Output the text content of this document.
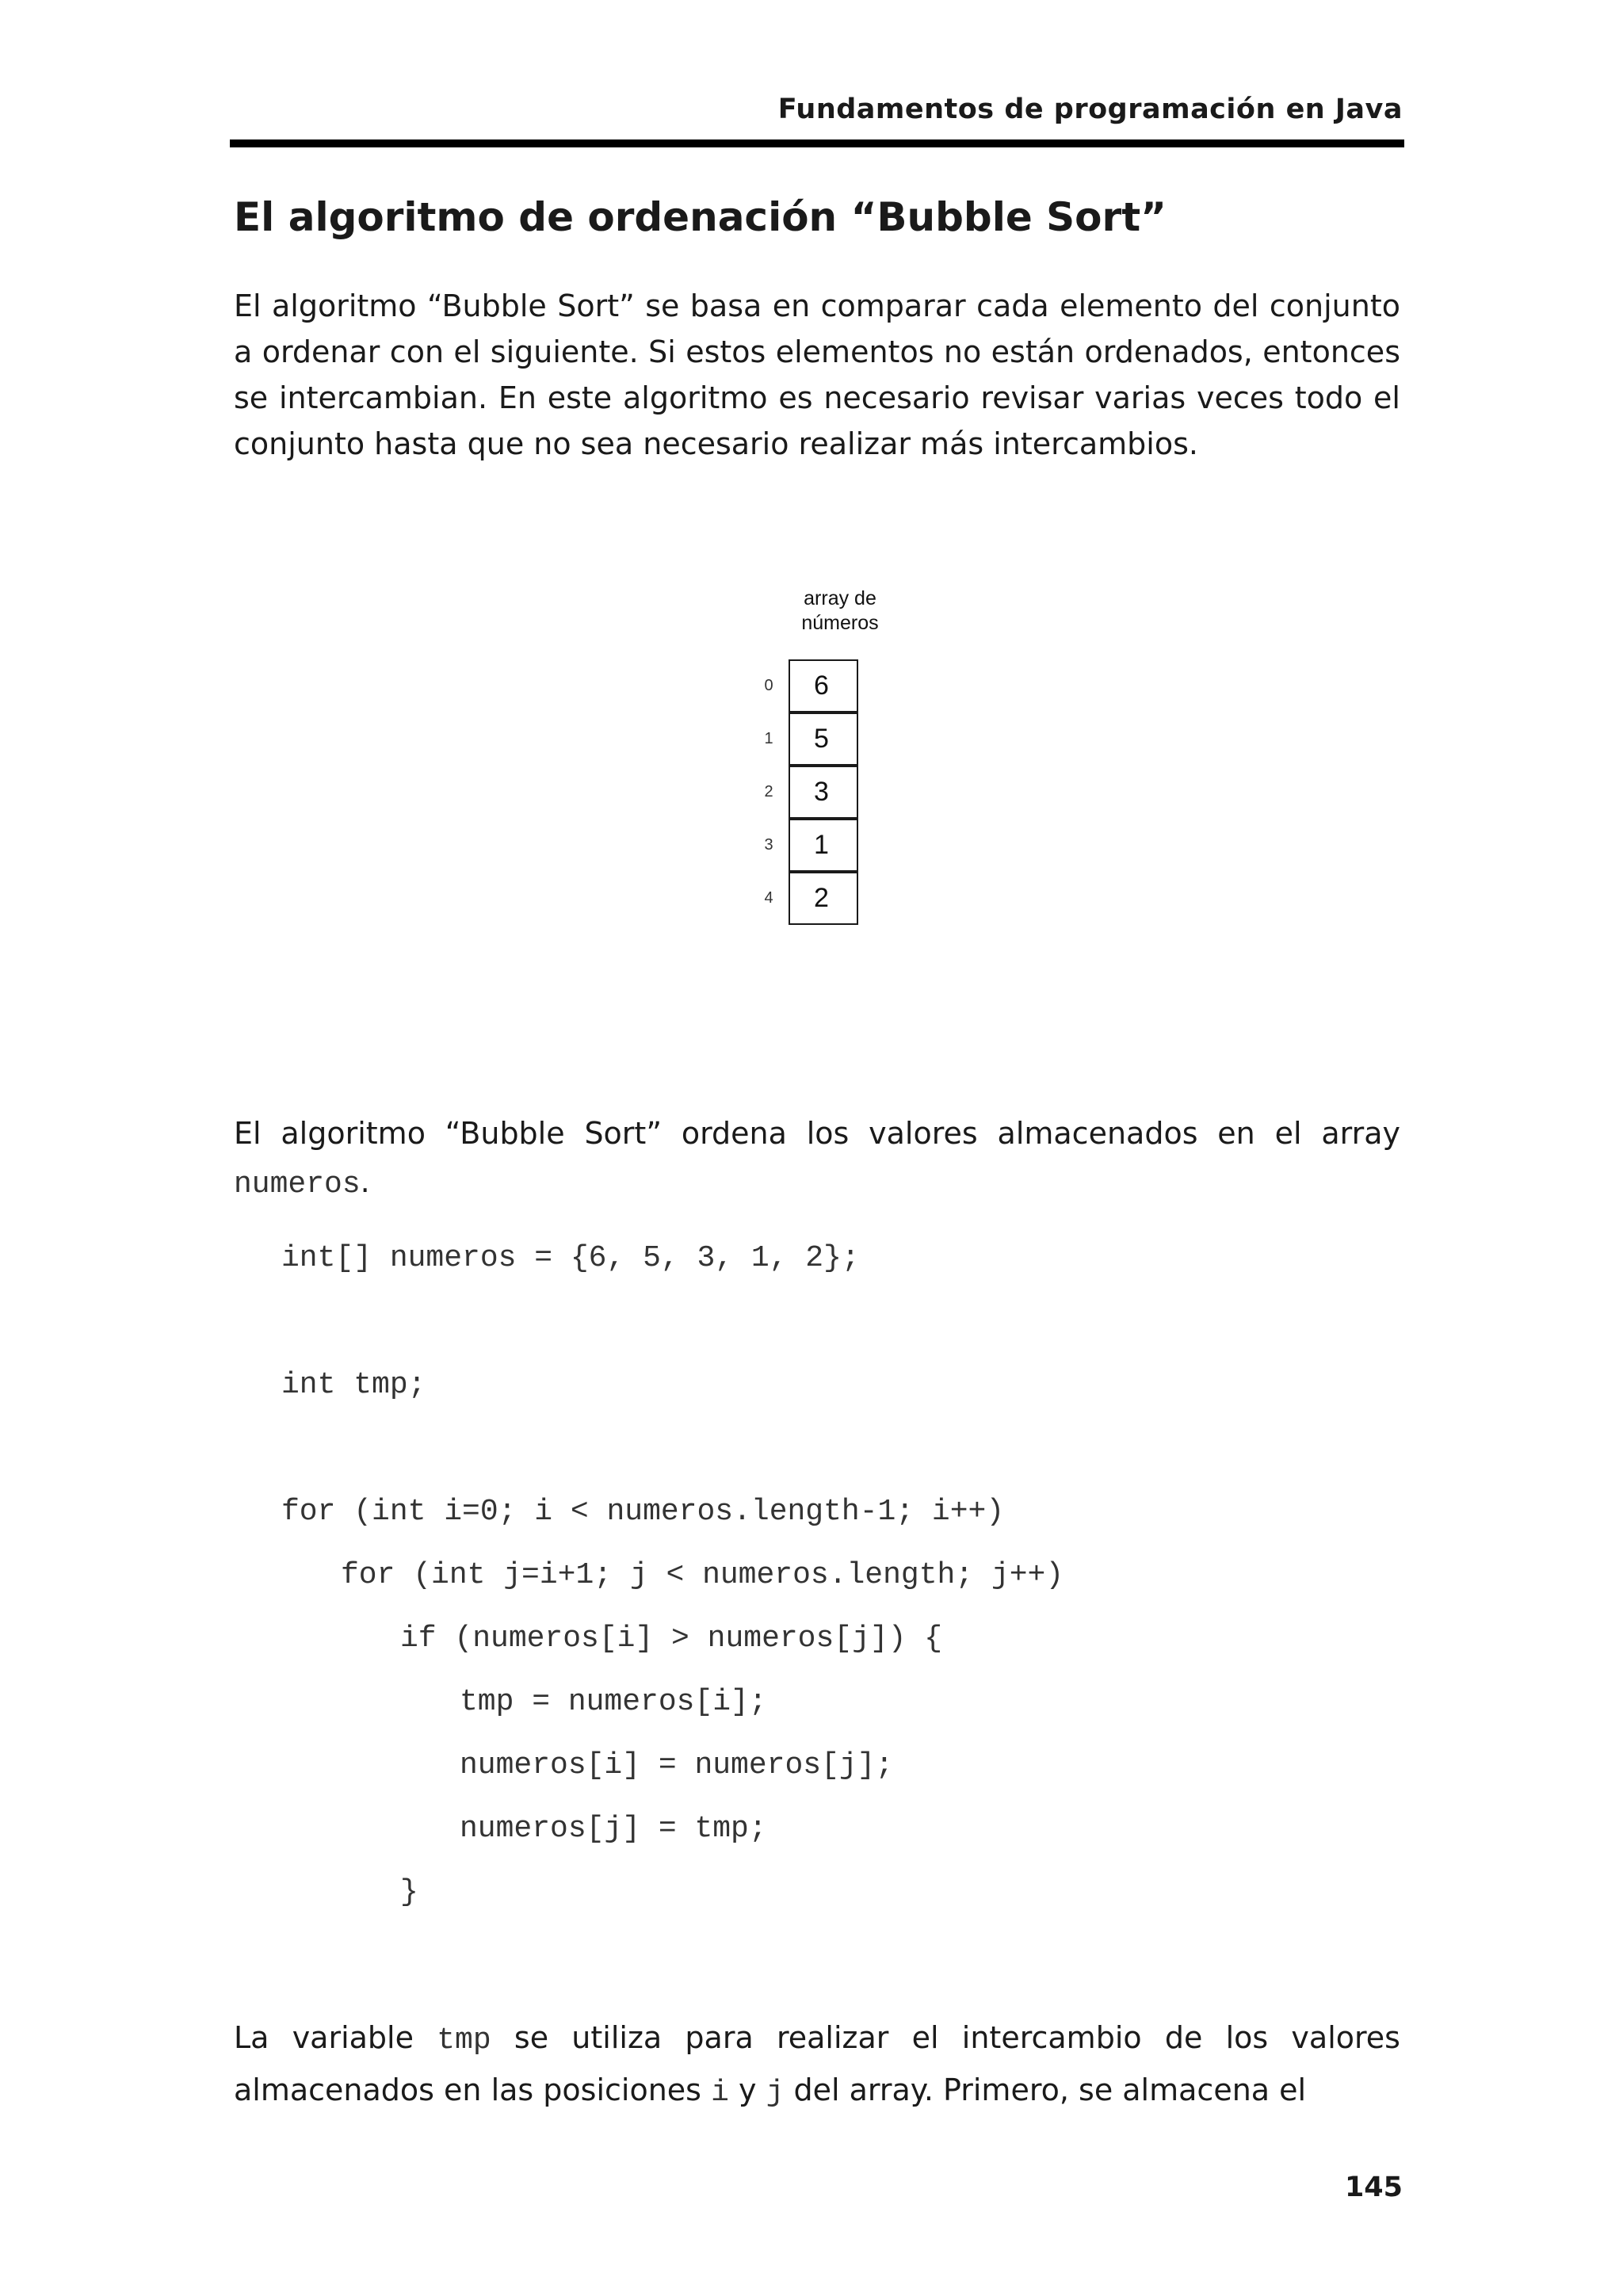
Fundamentos de programación en Java
El algoritmo de ordenación “Bubble Sort”

El algoritmo “Bubble Sort” se basa en comparar cada elemento del conjunto a ordenar con el siguiente. Si estos elementos no están ordenados, entonces se intercambian. En este algoritmo es necesario revisar varias veces todo el conjunto hasta que no sea necesario realizar más intercambios.

array de
números
0	6
1	5
2	3
3	1
4	2

El algoritmo “Bubble Sort” ordena los valores almacenados en el array numeros.

int[] numeros = {6, 5, 3, 1, 2};
int tmp;
for (int i=0; i < numeros.length-1; i++)
for (int j=i+1; j < numeros.length; j++)
if (numeros[i] > numeros[j]) {
tmp = numeros[i];
numeros[i] = numeros[j];
numeros[j] = tmp;
}

La variable tmp se utiliza para realizar el intercambio de los valores almacenados en las posiciones i y j del array. Primero, se almacena el

145
